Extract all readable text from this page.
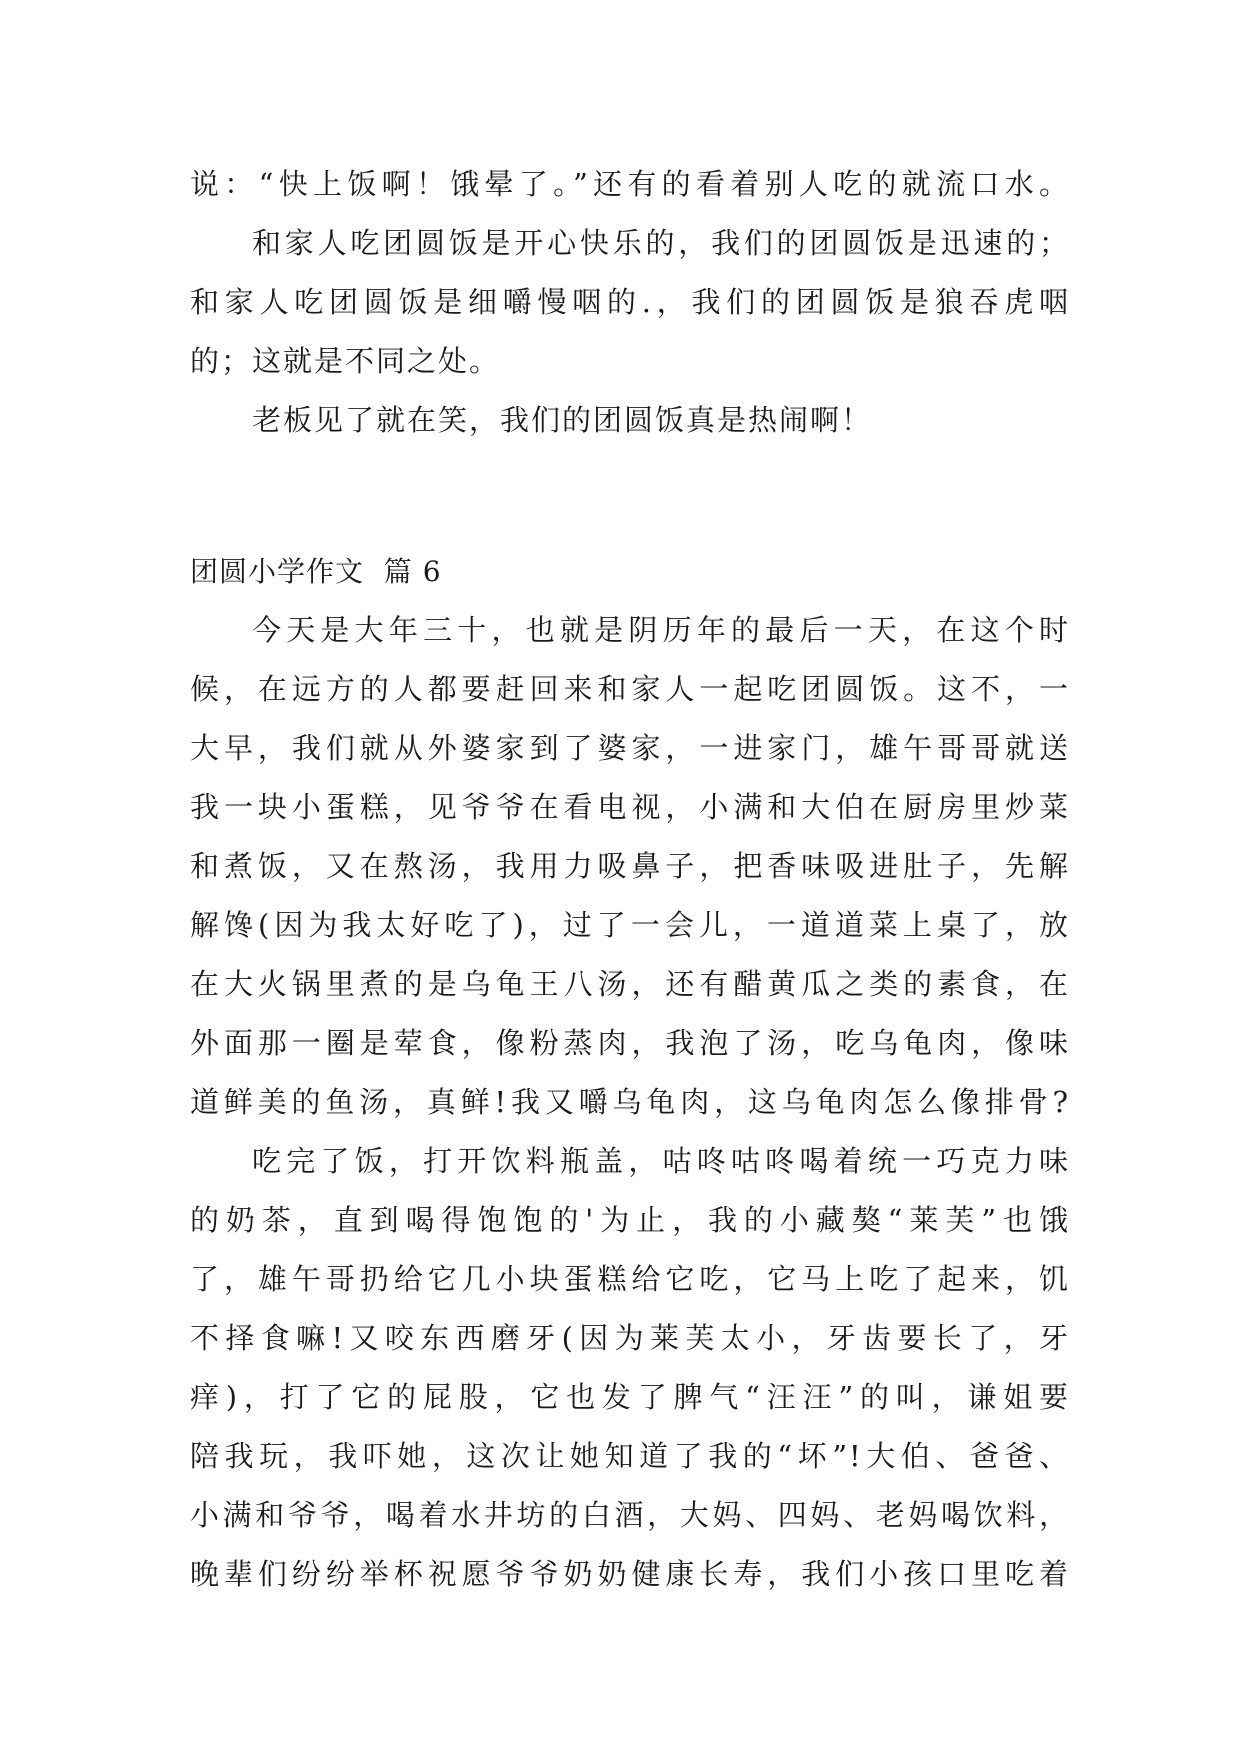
说：“快上饭啊！饿晕了。”还有的看着别人吃的就流口水。
和家人吃团圆饭是开心快乐的，我们的团圆饭是迅速的；
和家人吃团圆饭是细嚼慢咽的.，我们的团圆饭是狼吞虎咽
的；这就是不同之处。
老板见了就在笑，我们的团圆饭真是热闹啊！
团圆小学作文  篇 6
今天是大年三十，也就是阴历年的最后一天，在这个时
候，在远方的人都要赶回来和家人一起吃团圆饭。这不，一
大早，我们就从外婆家到了婆家，一进家门，雄午哥哥就送
我一块小蛋糕，见爷爷在看电视，小满和大伯在厨房里炒菜
和煮饭，又在熬汤，我用力吸鼻子，把香味吸进肚子，先解
解馋(因为我太好吃了)，过了一会儿，一道道菜上桌了，放
在大火锅里煮的是乌龟王八汤，还有醋黄瓜之类的素食，在
外面那一圈是荤食，像粉蒸肉，我泡了汤，吃乌龟肉，像味
道鲜美的鱼汤，真鲜!我又嚼乌龟肉，这乌龟肉怎么像排骨?
吃完了饭，打开饮料瓶盖，咕咚咕咚喝着统一巧克力味
的奶茶，直到喝得饱饱的'为止，我的小藏獒“莱芙”也饿
了，雄午哥扔给它几小块蛋糕给它吃，它马上吃了起来，饥
不择食嘛!又咬东西磨牙(因为莱芙太小，牙齿要长了，牙
痒)，打了它的屁股，它也发了脾气“汪汪”的叫，谦姐要
陪我玩，我吓她，这次让她知道了我的“坏”!大伯、爸爸、
小满和爷爷，喝着水井坊的白酒，大妈、四妈、老妈喝饮料，
晚辈们纷纷举杯祝愿爷爷奶奶健康长寿，我们小孩口里吃着
